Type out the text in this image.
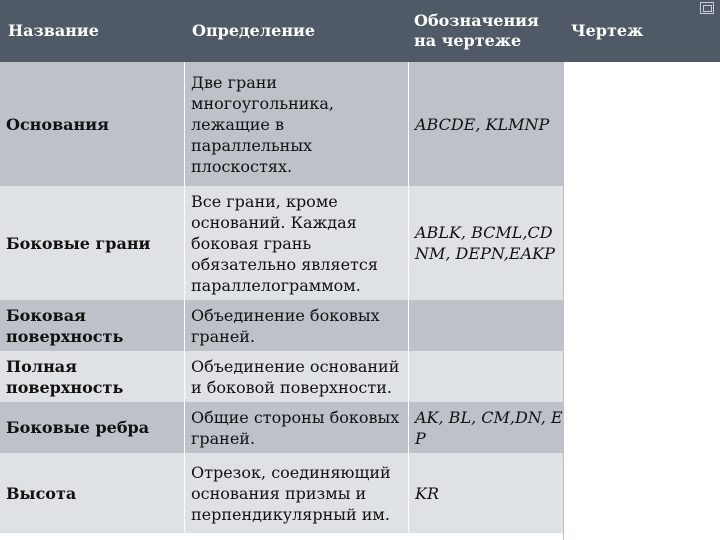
Название	Определение
Обозначения на чертеже
Чертеж
Основания
Две грани многоугольника, лежащие в параллельных плоскостях.
ABCDE, KLMNP
Боковые грани
Все грани, кроме оснований. Каждая боковая грань обязательно является параллелограммом.
ABLK, BCML,CD NM, DEPN,EAKP
Боковая поверхность
Объединение боковых граней.
Полная поверхность
Объединение оснований и боковой поверхности.
Боковые ребра
Общие стороны боковых граней.
AK, BL, CM,DN, E P
Высота
Отрезок, соединяющий основания призмы и перпендикулярный им.
KR
